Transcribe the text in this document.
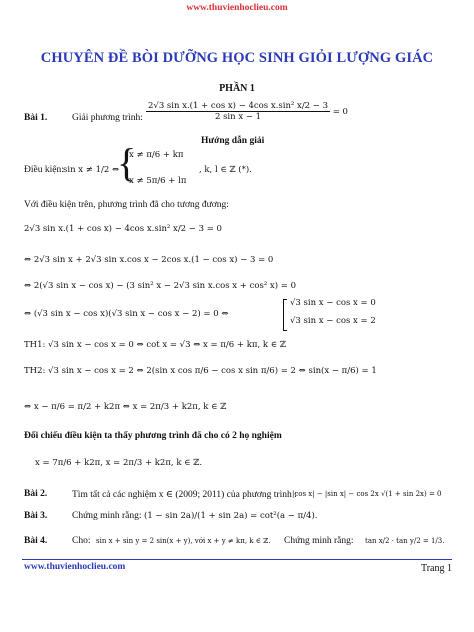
www.thuvienhoclieu.com
CHUYÊN ĐỀ BÒI DƯỠNG HỌC SINH GIỎI LƯỢNG GIÁC
PHẦN 1
Bài 1.	Giải phương trình: $\frac{\text{2√3 sin x.(1 + cos x) − 4cos x.sin² x/2 − 3}}{\text{2 sin x − 1}} = 0$
Hướng dẫn giải
Điều kiện: sin x ≠ 1/2 ⇔
{
x ≠ π/6 + kπ
x ≠ 5π/6 + lπ
, k, l ∈ ℤ (*).
Với điều kiện trên, phương trình đã cho tương đương:
2√3 sin x.(1 + cos x) − 4cos x.sin² x/2 − 3 = 0
⇔ 2√3 sin x + 2√3 sin x.cos x − 2cos x.(1 − cos x) − 3 = 0
⇔ 2(√3 sin x − cos x) − (3 sin² x − 2√3 sin x.cos x + cos² x) = 0
⇔ (√3 sin x − cos x)(√3 sin x − cos x − 2) = 0 ⇔
√3 sin x − cos x = 0
√3 sin x − cos x = 2
TH1: √3 sin x − cos x = 0 ⇔ cot x = √3 ⇔ x = π/6 + kπ, k ∈ ℤ
TH2: √3 sin x − cos x = 2 ⇔ 2(sin x cos π/6 − cos x sin π/6) = 2 ⇔ sin(x − π/6) = 1
⇔ x − π/6 = π/2 + k2π ⇔ x = 2π/3 + k2π, k ∈ ℤ
Đối chiếu điều kiện ta thấy phương trình đã cho có 2 họ nghiệm
x = 7π/6 + k2π, x = 2π/3 + k2π, k ∈ ℤ.
Bài 2.	Tìm tất cả các nghiệm x ∈ (2009; 2011) của phương trình :
|cos x| − |sin x| − cos 2x √(1 + sin 2x) = 0
Bài 3.	Chứng minh rằng: (1 − sin 2a)/(1 + sin 2a) = cot²(a − π/4).
Bài 4.	Cho: sin x + sin y = 2 sin(x + y), với x + y ≠ kπ, k ∈ ℤ. Chứng minh rằng: tan x/2 · tan y/2 = 1/3.
www.thuvienhoclieu.com	Trang 1
